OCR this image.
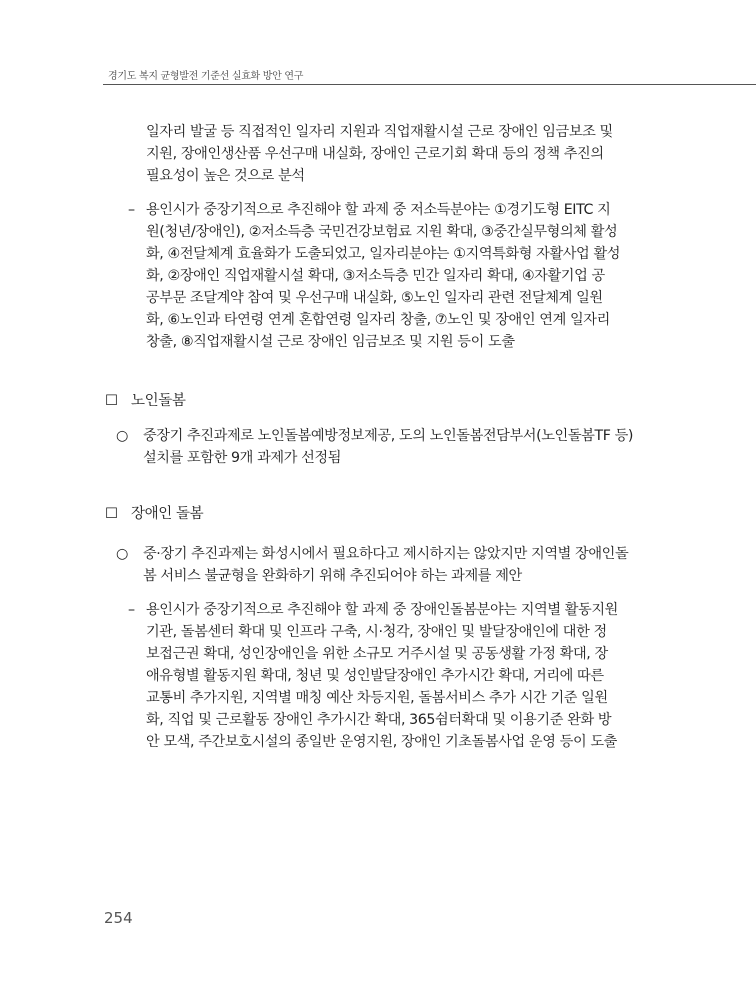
경기도 복지 균형발전 기준선 실효화 방안 연구
일자리 발굴 등 직접적인 일자리 지원과 직업재활시설 근로 장애인 임금보조 및
지원, 장애인생산품 우선구매 내실화, 장애인 근로기회 확대 등의 정책 추진의
필요성이 높은 것으로 분석
– 용인시가 중장기적으로 추진해야 할 과제 중 저소득분야는 ①경기도형 EITC 지
원(청년/장애인), ②저소득층 국민건강보험료 지원 확대, ③중간실무형의체 활성
화, ④전달체계 효율화가 도출되었고, 일자리분야는 ①지역특화형 자활사업 활성
화, ②장애인 직업재활시설 확대, ③저소득층 민간 일자리 확대, ④자활기업 공
공부문 조달계약 참여 및 우선구매 내실화, ⑤노인 일자리 관련 전달체계 일원
화, ⑥노인과 타연령 연계 혼합연령 일자리 창출, ⑦노인 및 장애인 연계 일자리
창출, ⑧직업재활시설 근로 장애인 임금보조 및 지원 등이 도출
☐ 노인돌봄
○ 중장기 추진과제로 노인돌봄예방정보제공, 도의 노인돌봄전담부서(노인돌봄TF 등)
설치를 포함한 9개 과제가 선정됨
☐ 장애인 돌봄
○ 중·장기 추진과제는 화성시에서 필요하다고 제시하지는 않았지만 지역별 장애인돌
봄 서비스 불균형을 완화하기 위해 추진되어야 하는 과제를 제안
– 용인시가 중장기적으로 추진해야 할 과제 중 장애인돌봄분야는 지역별 활동지원
기관, 돌봄센터 확대 및 인프라 구축, 시·청각, 장애인 및 발달장애인에 대한 정
보접근권 확대, 성인장애인을 위한 소규모 거주시설 및 공동생활 가정 확대, 장
애유형별 활동지원 확대, 청년 및 성인발달장애인 추가시간 확대, 거리에 따른
교통비 추가지원, 지역별 매칭 예산 차등지원, 돌봄서비스 추가 시간 기준 일원
화, 직업 및 근로활동 장애인 추가시간 확대, 365쉼터확대 및 이용기준 완화 방
안 모색, 주간보호시설의 종일반 운영지원, 장애인 기초돌봄사업 운영 등이 도출
254
